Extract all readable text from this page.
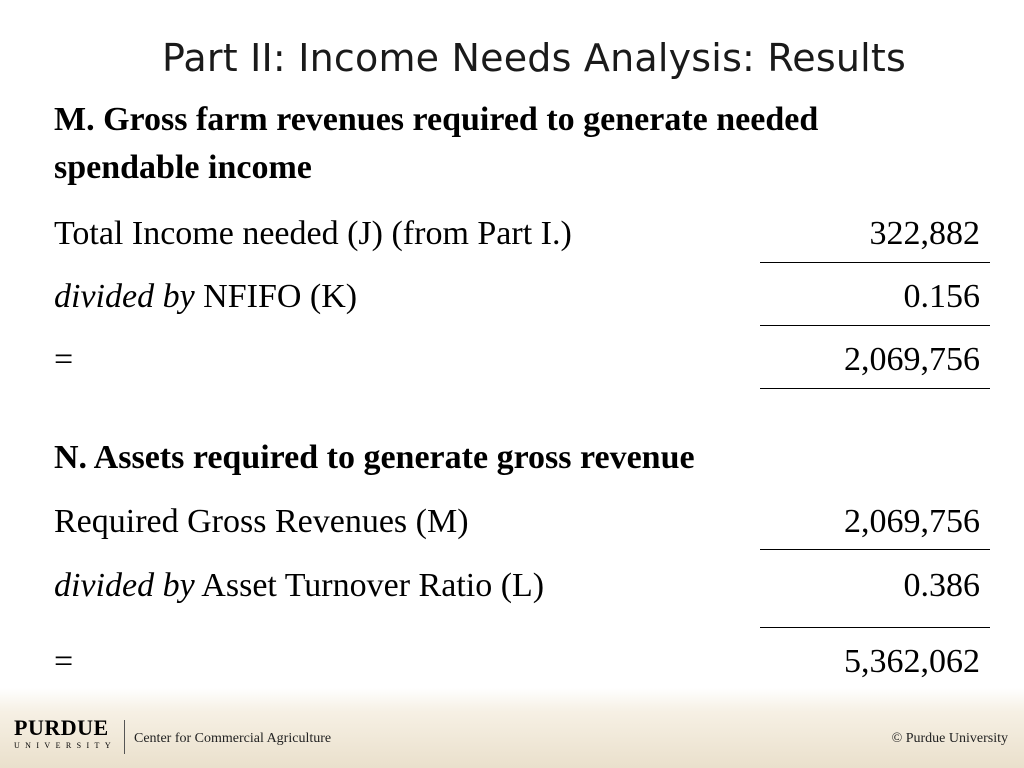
Part II: Income Needs Analysis: Results
M. Gross farm revenues required to generate needed spendable income
Total Income needed (J) (from Part I.)	322,882
divided by NFIFO (K)	0.156
=	2,069,756
N. Assets required to generate gross revenue
Required Gross Revenues (M)	2,069,756
divided by Asset Turnover Ratio (L)	0.386
=	5,362,062
PURDUE
UNIVERSITY Center for Commercial Agriculture	© Purdue University
